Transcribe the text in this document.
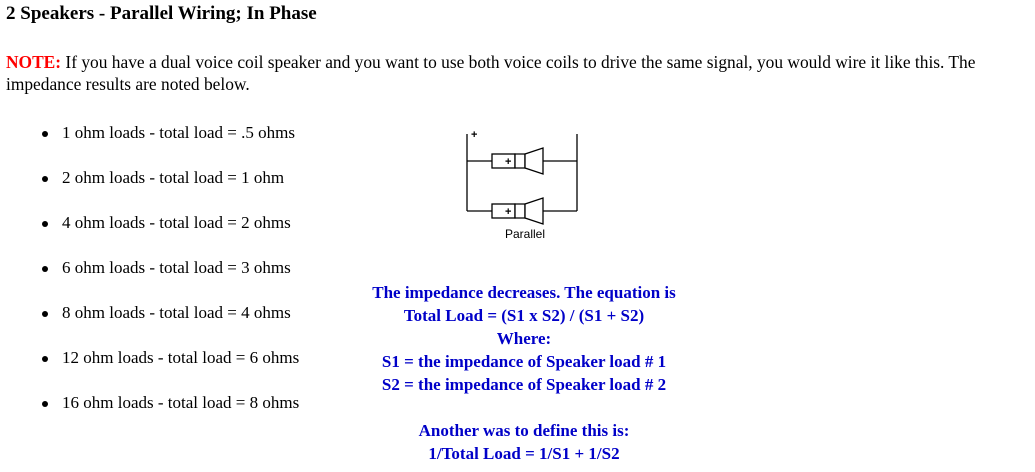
2 Speakers - Parallel Wiring; In Phase
NOTE: If you have a dual voice coil speaker and you want to use both voice coils to drive the same signal, you would wire it like this. The impedance results are noted below.
1 ohm loads - total load = .5 ohms
2 ohm loads - total load = 1 ohm
4 ohm loads - total load = 2 ohms
6 ohm loads - total load = 3 ohms
8 ohm loads - total load = 4 ohms
12 ohm loads - total load = 6 ohms
16 ohm loads - total load = 8 ohms
+
+
+
Parallel
The impedance decreases. The equation is
Total Load = (S1 x S2) / (S1 + S2)
Where:
S1 = the impedance of Speaker load # 1
S2 = the impedance of Speaker load # 2
Another was to define this is:
1/Total Load = 1/S1 + 1/S2
